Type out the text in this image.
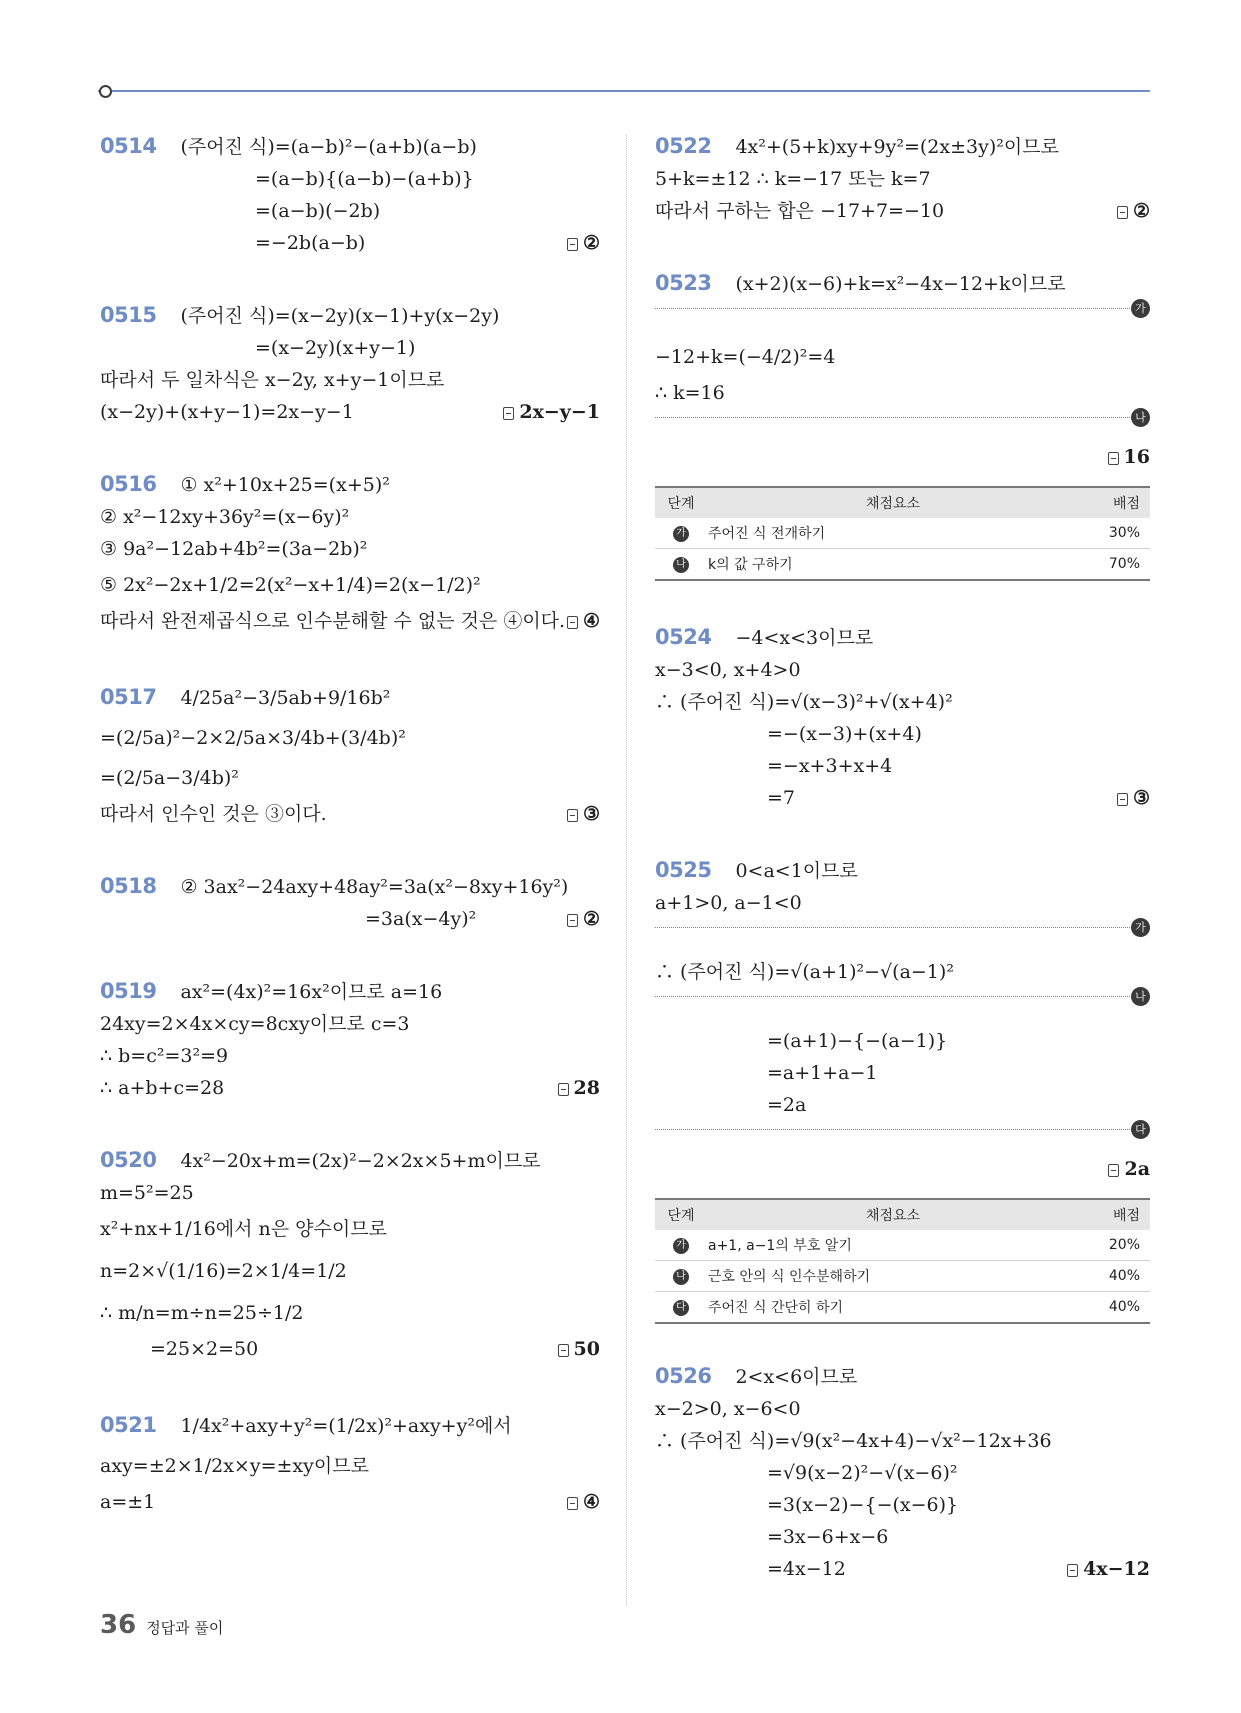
0514 (주어진 식)=(a−b)²−(a+b)(a−b)
=(a−b){(a−b)−(a+b)}
=(a−b)(−2b)
=−2b(a−b)	②
0515 (주어진 식)=(x−2y)(x−1)+y(x−2y)
=(x−2y)(x+y−1)
따라서 두 일차식은 x−2y, x+y−1이므로
(x−2y)+(x+y−1)=2x−y−1	2x−y−1
0516 ① x²+10x+25=(x+5)²
② x²−12xy+36y²=(x−6y)²
③ 9a²−12ab+4b²=(3a−2b)²
⑤ 2x²−2x+1/2=2(x²−x+1/4)=2(x−1/2)²
따라서 완전제곱식으로 인수분해할 수 없는 것은 ④이다. ④
0517 4/25a²−3/5ab+9/16b²
=(2/5a)²−2×2/5a×3/4b+(3/4b)²
=(2/5a−3/4b)²
따라서 인수인 것은 ③이다.	③
0518 ② 3ax²−24axy+48ay²=3a(x²−8xy+16y²)
=3a(x−4y)²	②
0519 ax²=(4x)²=16x²이므로 a=16
24xy=2×4x×cy=8cxy이므로 c=3
∴ b=c²=3²=9
∴ a+b+c=28	28
0520 4x²−20x+m=(2x)²−2×2x×5+m이므로
m=5²=25
x²+nx+1/16에서 n은 양수이므로
n=2×√(1/16)=2×1/4=1/2
∴ m/n=m÷n=25÷1/2
=25×2=50	50
0521 1/4x²+axy+y²=(1/2x)²+axy+y²에서
axy=±2×1/2x×y=±xy이므로
a=±1	④
0522 4x²+(5+k)xy+9y²=(2x±3y)²이므로
5+k=±12 ∴ k=−17 또는 k=7
따라서 구하는 합은 −17+7=−10	②
0523 (x+2)(x−6)+k=x²−4x−12+k이므로
가
−12+k=(−4/2)²=4
∴ k=16
나
16
단계	채점요소	배점
가	주어진 식 전개하기	30%
나	k의 값 구하기	70%
0524 −4<x<3이므로
x−3<0, x+4>0
∴ (주어진 식)=√(x−3)²+√(x+4)²
=−(x−3)+(x+4)
=−x+3+x+4
=7	③
0525 0<a<1이므로
a+1>0, a−1<0
가
∴ (주어진 식)=√(a+1)²−√(a−1)²
나
=(a+1)−{−(a−1)}
=a+1+a−1
=2a
다
2a
단계	채점요소	배점
가	a+1, a−1의 부호 알기	20%
나	근호 안의 식 인수분해하기	40%
다	주어진 식 간단히 하기	40%
0526 2<x<6이므로
x−2>0, x−6<0
∴ (주어진 식)=√9(x²−4x+4)−√x²−12x+36
=√9(x−2)²−√(x−6)²
=3(x−2)−{−(x−6)}
=3x−6+x−6
=4x−12	4x−12
36 정답과 풀이
